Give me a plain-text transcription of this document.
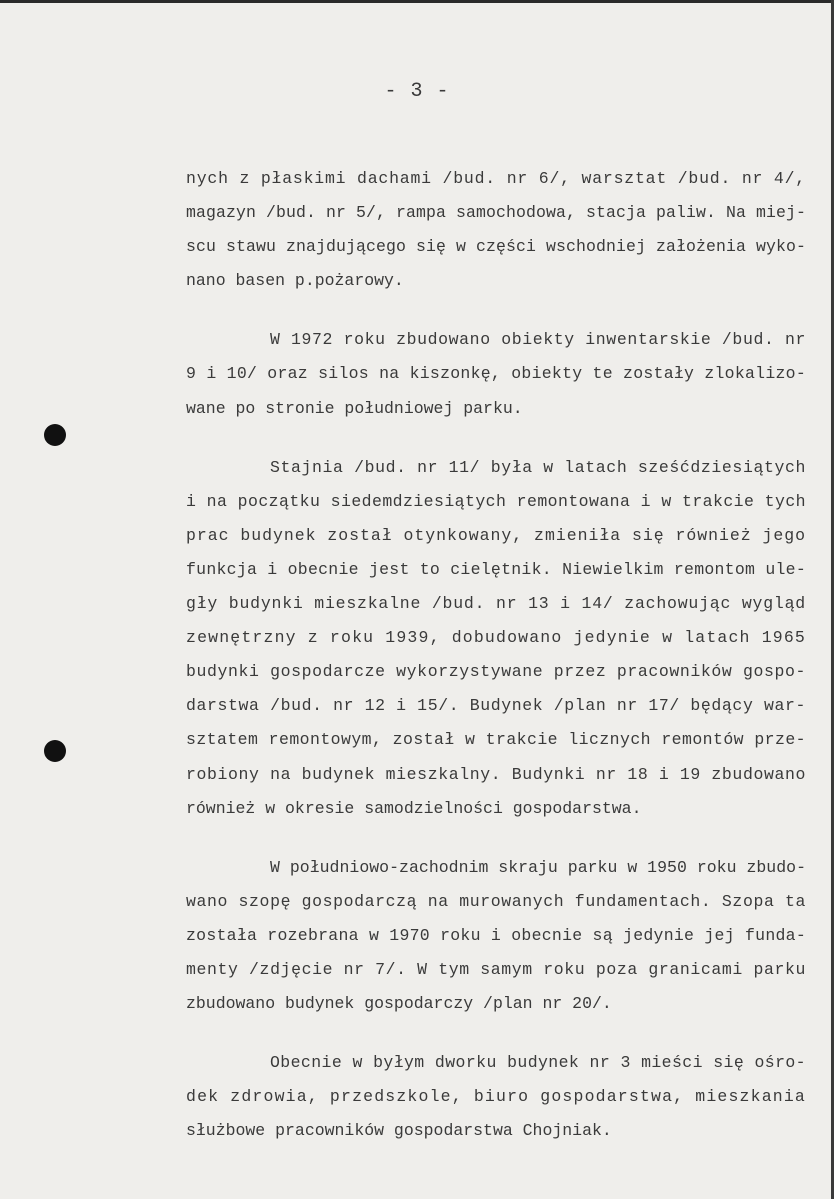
- 3 -

nych z płaskimi dachami /bud. nr 6/, warsztat /bud. nr 4/,
magazyn /bud. nr 5/, rampa samochodowa, stacja paliw. Na miej-
scu stawu znajdującego się w części wschodniej założenia wyko-
nano basen p.pożarowy.

W 1972 roku zbudowano obiekty inwentarskie /bud. nr
9 i 10/ oraz silos na kiszonkę, obiekty te zostały zlokalizo-
wane po stronie południowej parku.

Stajnia /bud. nr 11/ była w latach sześćdziesiątych
i na początku siedemdziesiątych remontowana i w trakcie tych
prac budynek został otynkowany, zmieniła się również jego
funkcja i obecnie jest to cielętnik. Niewielkim remontom ule-
gły budynki mieszkalne /bud. nr 13 i 14/ zachowując wygląd
zewnętrzny z roku 1939, dobudowano jedynie w latach 1965
budynki gospodarcze wykorzystywane przez pracowników gospo-
darstwa /bud. nr 12 i 15/. Budynek /plan nr 17/ będący war-
sztatem remontowym, został w trakcie licznych remontów prze-
robiony na budynek mieszkalny. Budynki nr 18 i 19 zbudowano
również w okresie samodzielności gospodarstwa.

W południowo-zachodnim skraju parku w 1950 roku zbudo-
wano szopę gospodarczą na murowanych fundamentach. Szopa ta
została rozebrana w 1970 roku i obecnie są jedynie jej funda-
menty /zdjęcie nr 7/. W tym samym roku poza granicami parku
zbudowano budynek gospodarczy /plan nr 20/.

Obecnie w byłym dworku budynek nr 3 mieści się ośro-
dek zdrowia, przedszkole, biuro gospodarstwa, mieszkania
służbowe pracowników gospodarstwa Chojniak.
